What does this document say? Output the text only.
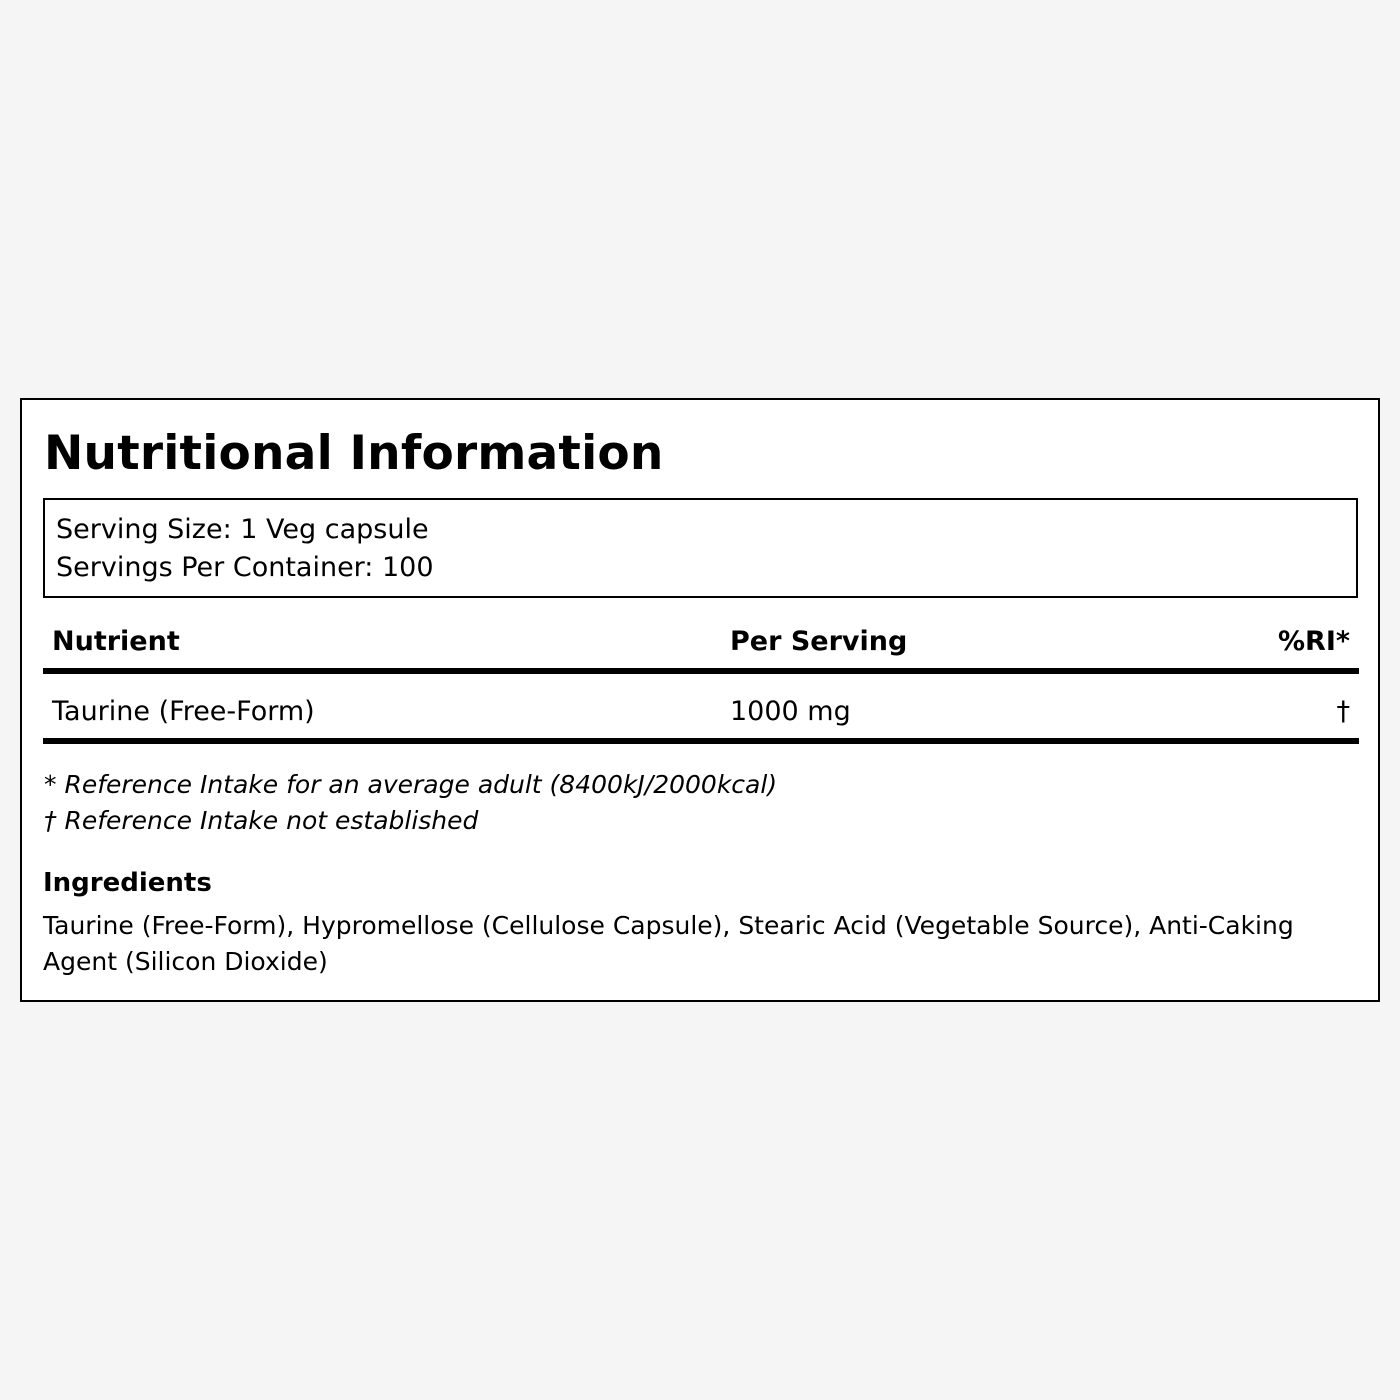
Nutritional Information
Serving Size: 1 Veg capsule
Servings Per Container: 100
Nutrient	Per Serving	%RI*
Taurine (Free-Form)	1000 mg	†
* Reference Intake for an average adult (8400kJ/2000kcal)
† Reference Intake not established
Ingredients

Taurine (Free-Form), Hypromellose (Cellulose Capsule), Stearic Acid (Vegetable Source), Anti-Caking Agent (Silicon Dioxide)
